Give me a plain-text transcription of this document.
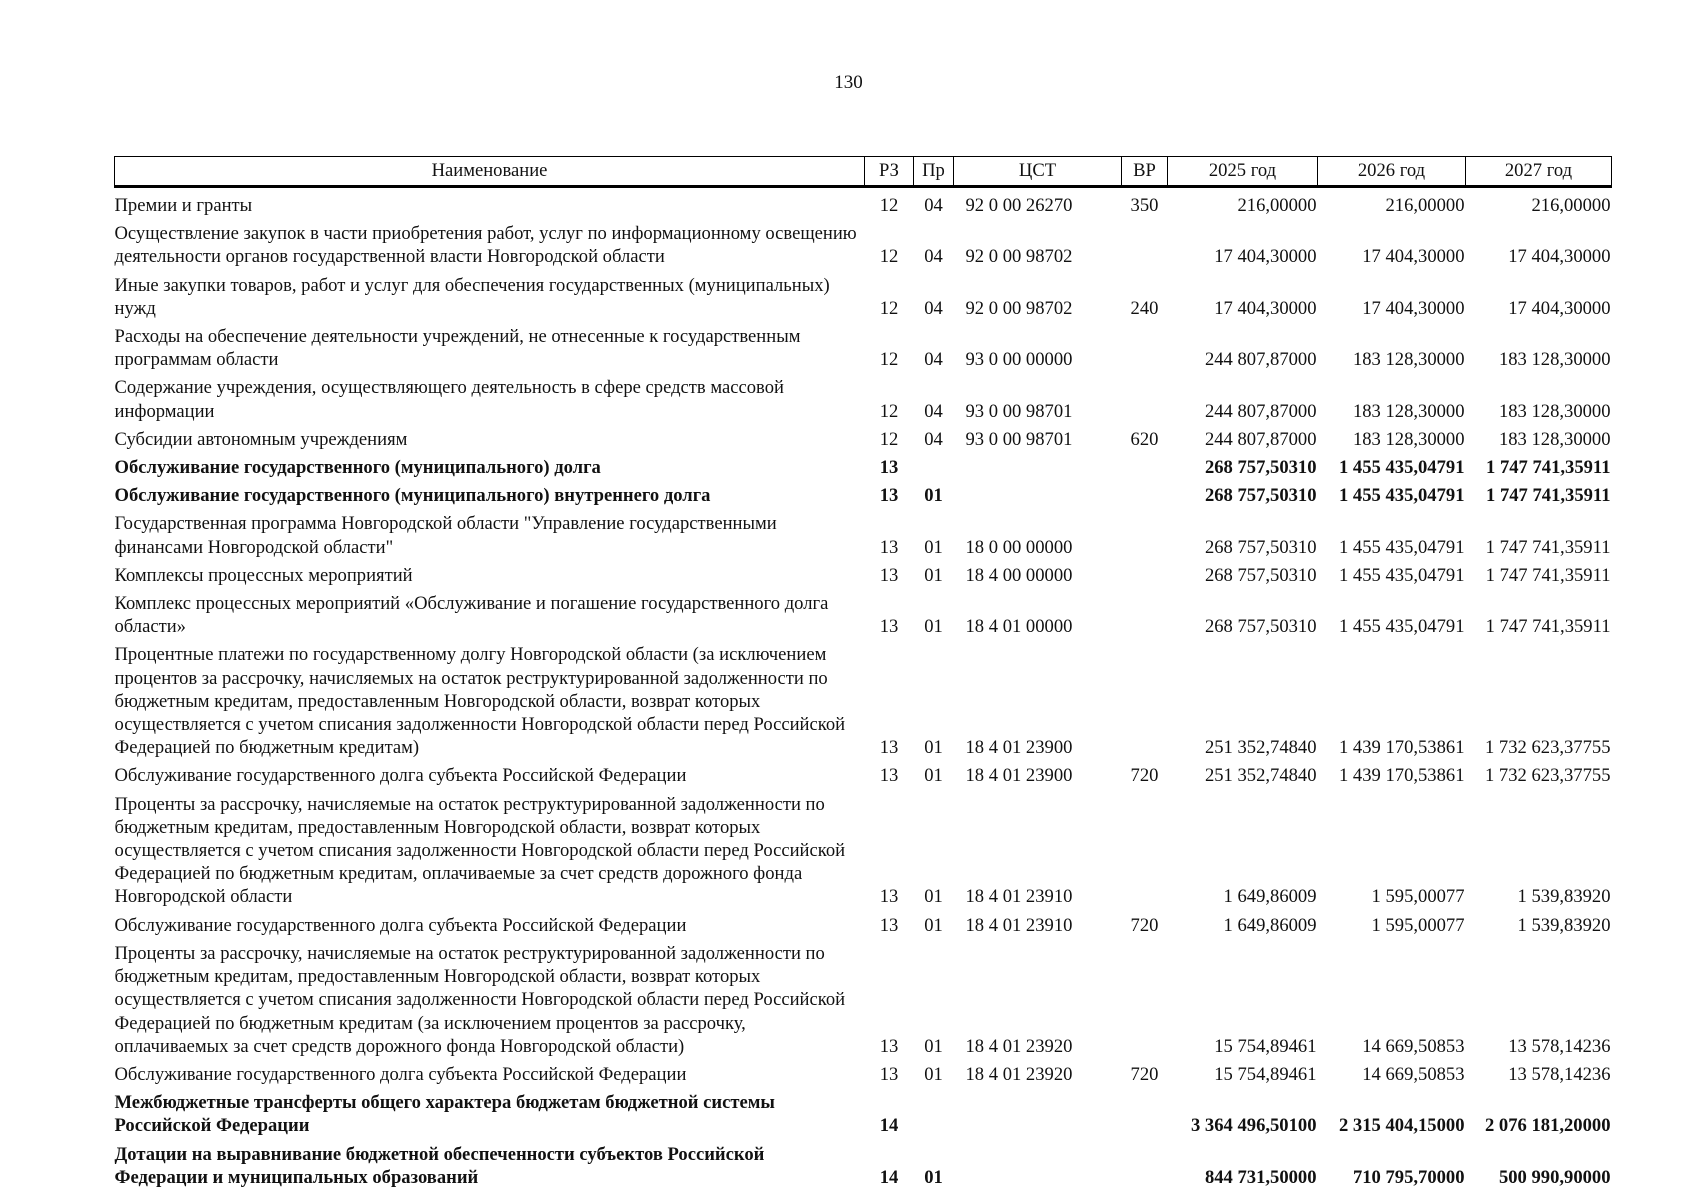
130
Наименование	РЗ	Пр	ЦСТ	ВР	2025 год	2026 год	2027 год
Премии и гранты	12	04	92 0 00 26270	350	216,00000	216,00000	216,00000
Осуществление закупок в части приобретения работ, услуг по информационному освещению деятельности органов государственной власти Новгородской области	12	04	92 0 00 98702		17 404,30000	17 404,30000	17 404,30000
Иные закупки товаров, работ и услуг для обеспечения государственных (муниципальных) нужд	12	04	92 0 00 98702	240	17 404,30000	17 404,30000	17 404,30000
Расходы на обеспечение деятельности учреждений, не отнесенные к государственным программам области	12	04	93 0 00 00000		244 807,87000	183 128,30000	183 128,30000
Содержание учреждения, осуществляющего деятельность в сфере средств массовой информации	12	04	93 0 00 98701		244 807,87000	183 128,30000	183 128,30000
Субсидии автономным учреждениям	12	04	93 0 00 98701	620	244 807,87000	183 128,30000	183 128,30000
Обслуживание государственного (муниципального) долга	13				268 757,50310	1 455 435,04791	1 747 741,35911
Обслуживание государственного (муниципального) внутреннего долга	13	01			268 757,50310	1 455 435,04791	1 747 741,35911
Государственная программа Новгородской области "Управление государственными финансами Новгородской области"	13	01	18 0 00 00000		268 757,50310	1 455 435,04791	1 747 741,35911
Комплексы процессных мероприятий	13	01	18 4 00 00000		268 757,50310	1 455 435,04791	1 747 741,35911
Комплекс процессных мероприятий «Обслуживание и погашение государственного долга области»	13	01	18 4 01 00000		268 757,50310	1 455 435,04791	1 747 741,35911
Процентные платежи по государственному долгу Новгородской области (за исключением процентов за рассрочку, начисляемых на остаток реструктурированной задолженности по бюджетным кредитам, предоставленным Новгородской области, возврат которых осуществляется с учетом списания задолженности Новгородской области перед Российской Федерацией по бюджетным кредитам)	13	01	18 4 01 23900		251 352,74840	1 439 170,53861	1 732 623,37755
Обслуживание государственного долга субъекта Российской Федерации	13	01	18 4 01 23900	720	251 352,74840	1 439 170,53861	1 732 623,37755
Проценты за рассрочку, начисляемые на остаток реструктурированной задолженности по бюджетным кредитам, предоставленным Новгородской области, возврат которых осуществляется с учетом списания задолженности Новгородской области перед Российской Федерацией по бюджетным кредитам, оплачиваемые за счет средств дорожного фонда Новгородской области	13	01	18 4 01 23910		1 649,86009	1 595,00077	1 539,83920
Обслуживание государственного долга субъекта Российской Федерации	13	01	18 4 01 23910	720	1 649,86009	1 595,00077	1 539,83920
Проценты за рассрочку, начисляемые на остаток реструктурированной задолженности по бюджетным кредитам, предоставленным Новгородской области, возврат которых осуществляется с учетом списания задолженности Новгородской области перед Российской Федерацией по бюджетным кредитам (за исключением процентов за рассрочку, оплачиваемых за счет средств дорожного фонда Новгородской области)	13	01	18 4 01 23920		15 754,89461	14 669,50853	13 578,14236
Обслуживание государственного долга субъекта Российской Федерации	13	01	18 4 01 23920	720	15 754,89461	14 669,50853	13 578,14236
Межбюджетные трансферты общего характера бюджетам бюджетной системы Российской Федерации	14				3 364 496,50100	2 315 404,15000	2 076 181,20000
Дотации на выравнивание бюджетной обеспеченности субъектов Российской Федерации и муниципальных образований	14	01			844 731,50000	710 795,70000	500 990,90000
